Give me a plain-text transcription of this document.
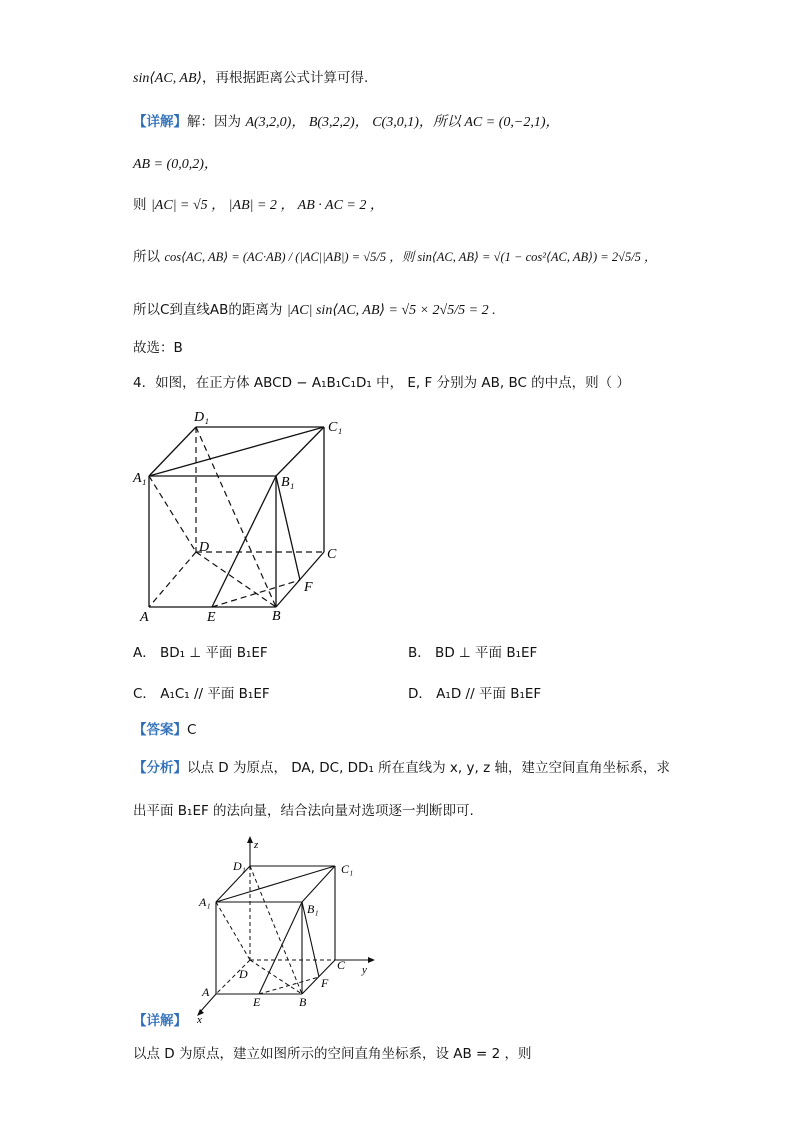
sin⟨AC, AB⟩，再根据距离公式计算可得.
【详解】解：因为 A(3,2,0)， B(3,2,2)， C(3,0,1)，所以 AC = (0,−2,1)，
AB = (0,0,2)，
则 |AC| = √5 ， |AB| = 2 ， AB · AC = 2 ，
所以 cos⟨AC, AB⟩ = (AC·AB) / (|AC||AB|) = √5/5 ，则 sin⟨AC, AB⟩ = √(1 − cos²⟨AC, AB⟩) = 2√5/5 ，
所以C到直线AB的距离为 |AC| sin⟨AC, AB⟩ = √5 × 2√5/5 = 2 .
故选：B
4．如图，在正方体 ABCD − A₁B₁C₁D₁ 中， E, F 分别为 AB, BC 的中点，则（ ）
D₁
C₁
A₁	B₁
D	C
F
A	E	B
A． BD₁ ⊥ 平面 B₁EF	B． BD ⊥ 平面 B₁EF
C． A₁C₁ // 平面 B₁EF	D． A₁D // 平面 B₁EF
【答案】C
【分析】以点 D 为原点， DA, DC, DD₁ 所在直线为 x, y, z 轴，建立空间直角坐标系，求
出平面 B₁EF 的法向量，结合法向量对选项逐一判断即可.
z
D₁	C₁
A₁	B₁
D
C y
F
A
E	B
x
【详解】
以点 D 为原点，建立如图所示的空间直角坐标系，设 AB = 2 ，则
